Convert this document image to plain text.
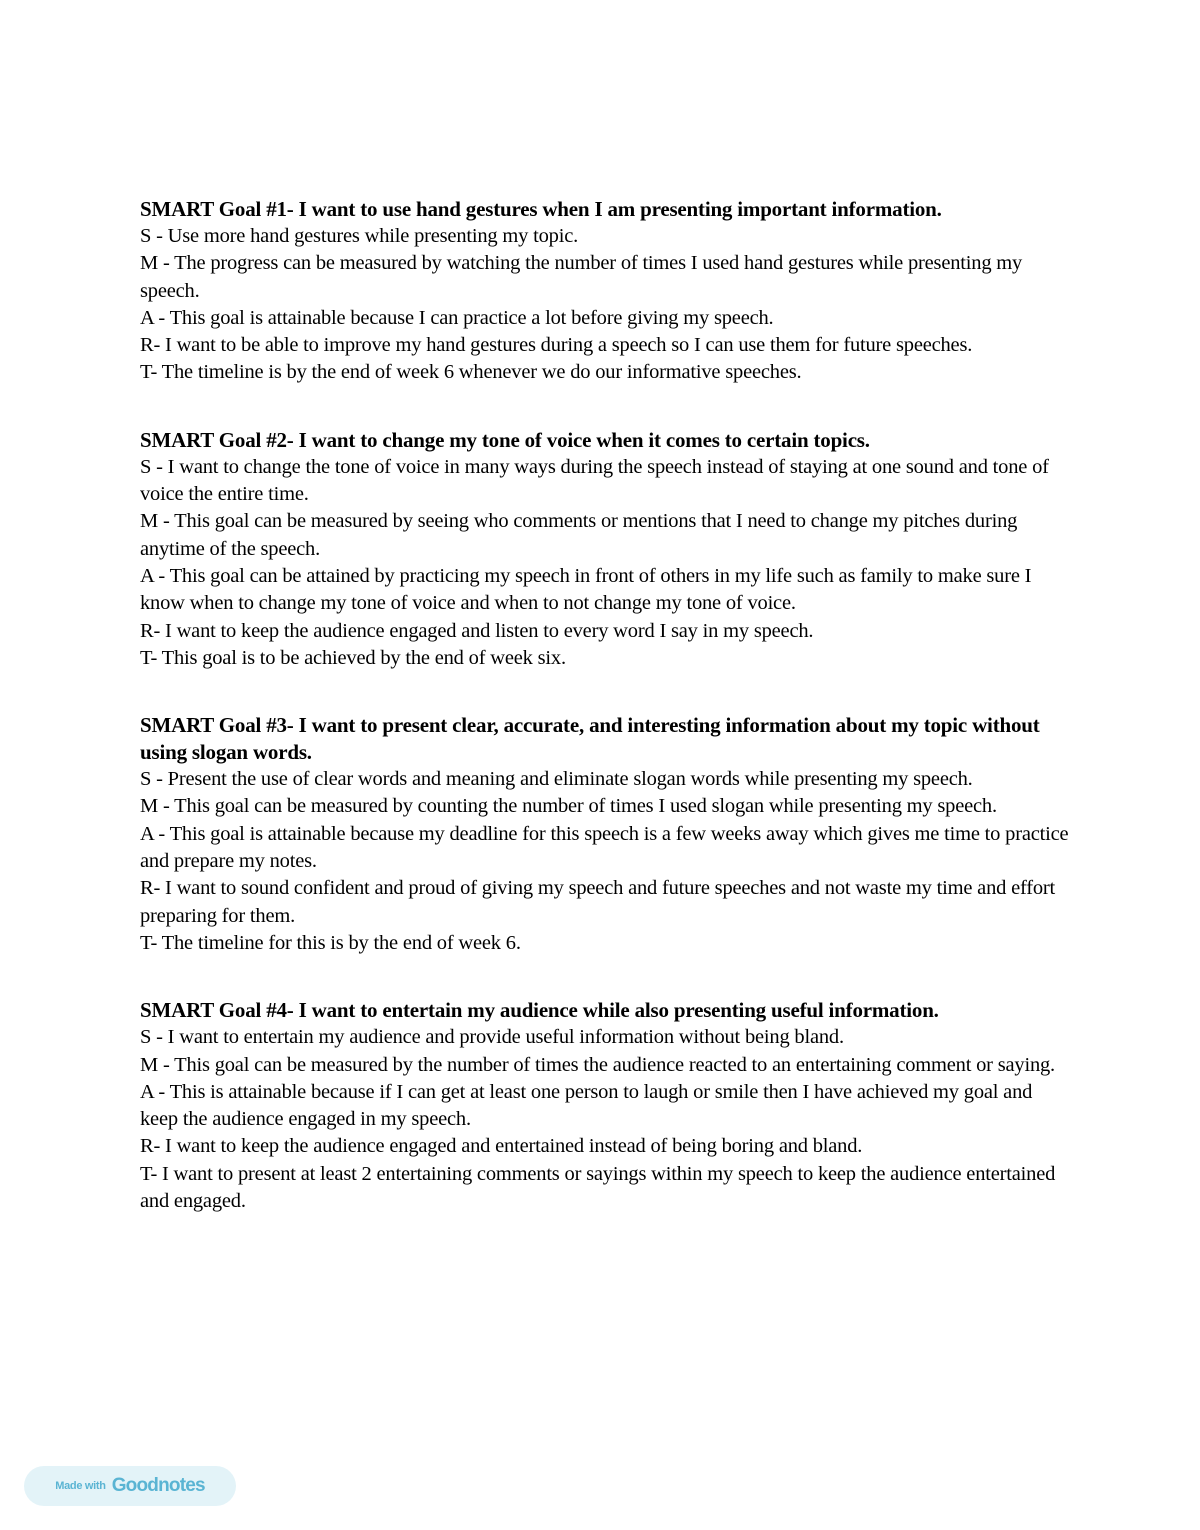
SMART Goal #1- I want to use hand gestures when I am presenting important information.

S - Use more hand gestures while presenting my topic.

M - The progress can be measured by watching the number of times I used hand gestures while presenting my speech.

A - This goal is attainable because I can practice a lot before giving my speech.

R- I want to be able to improve my hand gestures during a speech so I can use them for future speeches.

T- The timeline is by the end of week 6 whenever we do our informative speeches.

SMART Goal #2- I want to change my tone of voice when it comes to certain topics.

S - I want to change the tone of voice in many ways during the speech instead of staying at one sound and tone of voice the entire time.

M - This goal can be measured by seeing who comments or mentions that I need to change my pitches during anytime of the speech.

A - This goal can be attained by practicing my speech in front of others in my life such as family to make sure I know when to change my tone of voice and when to not change my tone of voice.

R- I want to keep the audience engaged and listen to every word I say in my speech.

T- This goal is to be achieved by the end of week six.

SMART Goal #3- I want to present clear, accurate, and interesting information about my topic without using slogan words.

S - Present the use of clear words and meaning and eliminate slogan words while presenting my speech.

M - This goal can be measured by counting the number of times I used slogan while presenting my speech.

A - This goal is attainable because my deadline for this speech is a few weeks away which gives me time to practice and prepare my notes.

R- I want to sound confident and proud of giving my speech and future speeches and not waste my time and effort preparing for them.

T- The timeline for this is by the end of week 6.

SMART Goal #4- I want to entertain my audience while also presenting useful information.

S - I want to entertain my audience and provide useful information without being bland.

M - This goal can be measured by the number of times the audience reacted to an entertaining comment or saying.

A - This is attainable because if I can get at least one person to laugh or smile then I have achieved my goal and keep the audience engaged in my speech.

R- I want to keep the audience engaged and entertained instead of being boring and bland.

T- I want to present at least 2 entertaining comments or sayings within my speech to keep the audience entertained and engaged.

Made with Goodnotes
